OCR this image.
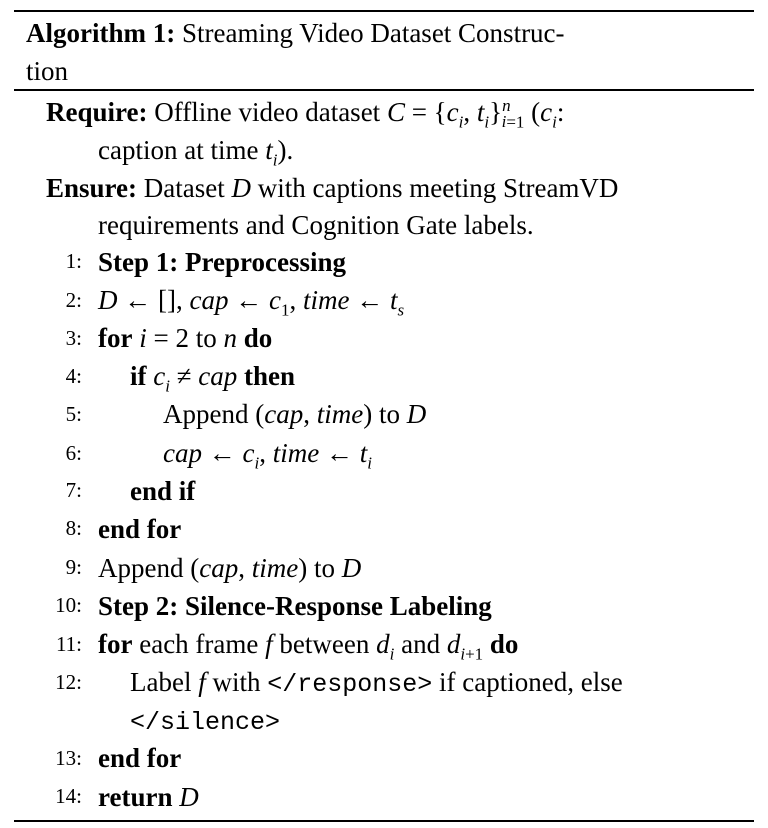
Algorithm 1: Streaming Video Dataset Construc-
tion
Require: Offline video dataset $C = \{c_i$, $t_i\}^n_{i=1}$ ($c_i$:
caption at time $t_i$).
Ensure: Dataset D with captions meeting StreamVD
requirements and Cognition Gate labels.
1:
2:
3:
4:
5:
6:
7:
8:
9:
10:
11:
12:
13:
14:
Step 1: Preprocessing
D ← [], cap ← $c_1$, time ← $t_s$
for i = 2 to n do
if $c_i$ ≠ cap then
Append (cap, time) to D
cap ← $c_i$, time ← $t_i$
end if
end for
Append (cap, time) to D
Step 2: Silence-Response Labeling
for each frame f between $d_i$ and $d_{i+1}$ do
Label f with </response> if captioned, else
</silence>
end for
return D
